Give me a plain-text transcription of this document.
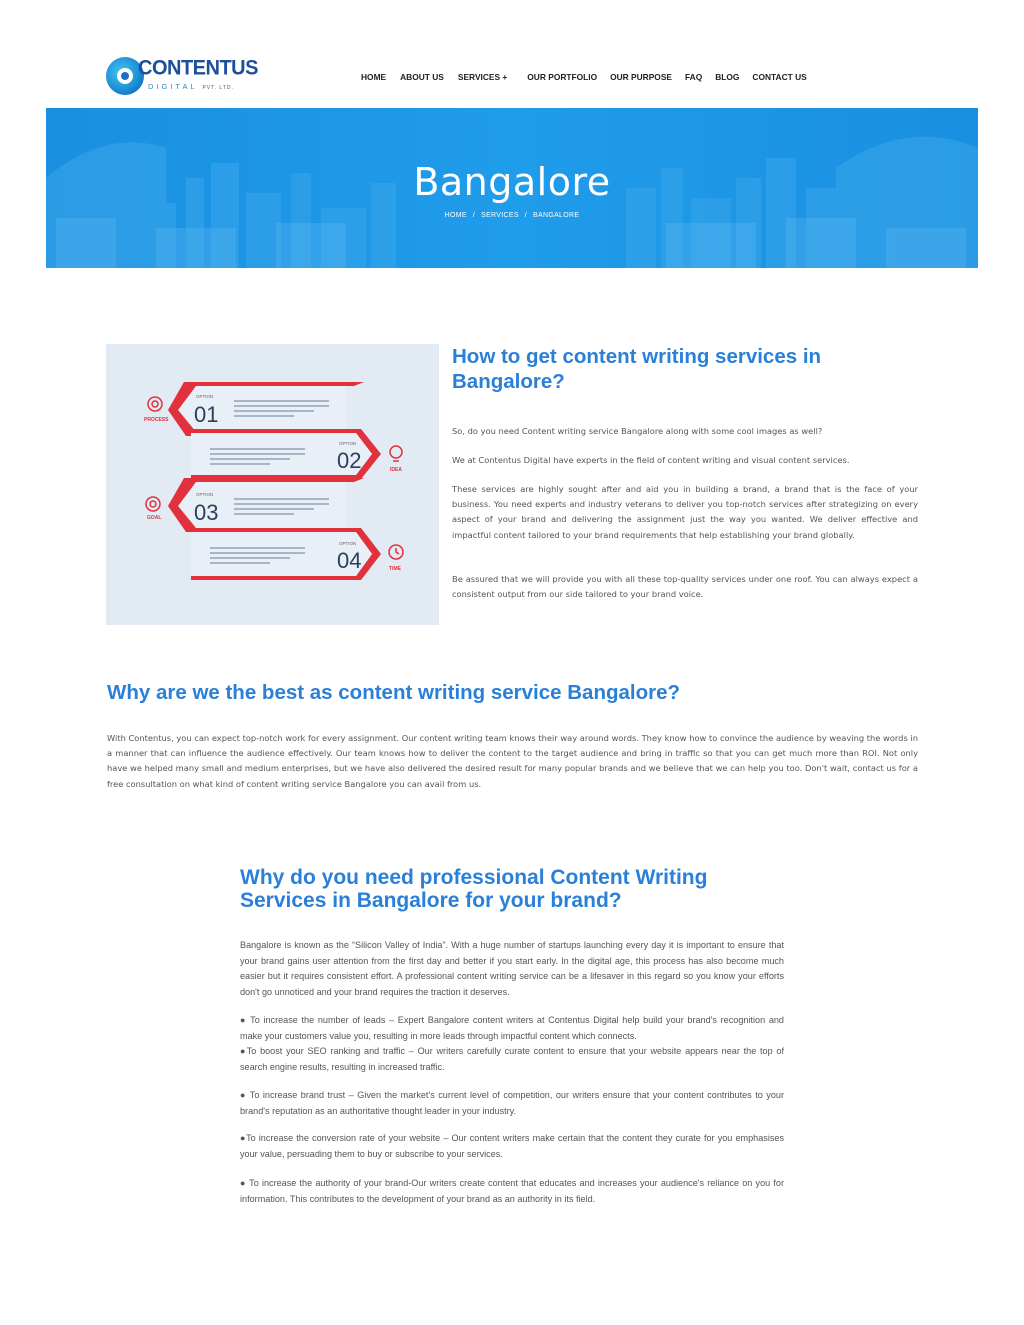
CONTENTUS
DIGITAL PVT. LTD.
HOME ABOUT US SERVICES + OUR PORTFOLIO OUR PURPOSE FAQ BLOG CONTACT US
Bangalore
HOME / SERVICES / BANGALORE
OPTION
01
PROCESS
OPTION
02	IDEA
OPTION
03
GOAL
OPTION
04	TIME
How to get content writing services in Bangalore?

So, do you need Content writing service Bangalore along with some cool images as well?

We at Contentus Digital have experts in the field of content writing and visual content services.

These services are highly sought after and aid you in building a brand, a brand that is the face of your business. You need experts and industry veterans to deliver you top-notch services after strategizing on every aspect of your brand and delivering the assignment just the way you wanted. We deliver effective and impactful content tailored to your brand requirements that help establishing your brand globally.

Be assured that we will provide you with all these top-quality services under one roof. You can always expect a consistent output from our side tailored to your brand voice.

Why are we the best as content writing service Bangalore?

With Contentus, you can expect top-notch work for every assignment. Our content writing team knows their way around words. They know how to convince the audience by weaving the words in a manner that can influence the audience effectively. Our team knows how to deliver the content to the target audience and bring in traffic so that you can get much more than ROI. Not only have we helped many small and medium enterprises, but we have also delivered the desired result for many popular brands and we believe that we can help you too. Don't wait, contact us for a free consultation on what kind of content writing service Bangalore you can avail from us.

Why do you need professional Content Writing Services in Bangalore for your brand?

Bangalore is known as the “Silicon Valley of India”. With a huge number of startups launching every day it is important to ensure that your brand gains user attention from the first day and better if you start early. In the digital age, this process has also become much easier but it requires consistent effort. A professional content writing service can be a lifesaver in this regard so you know your efforts don't go unnoticed and your brand requires the traction it deserves.

● To increase the number of leads – Expert Bangalore content writers at Contentus Digital help build your brand's recognition and make your customers value you, resulting in more leads through impactful content which connects.
●To boost your SEO ranking and traffic – Our writers carefully curate content to ensure that your website appears near the top of search engine results, resulting in increased traffic.

● To increase brand trust – Given the market's current level of competition, our writers ensure that your content contributes to your brand's reputation as an authoritative thought leader in your industry.

●To increase the conversion rate of your website – Our content writers make certain that the content they curate for you emphasises your value, persuading them to buy or subscribe to your services.

● To increase the authority of your brand-Our writers create content that educates and increases your audience's reliance on you for information. This contributes to the development of your brand as an authority in its field.
